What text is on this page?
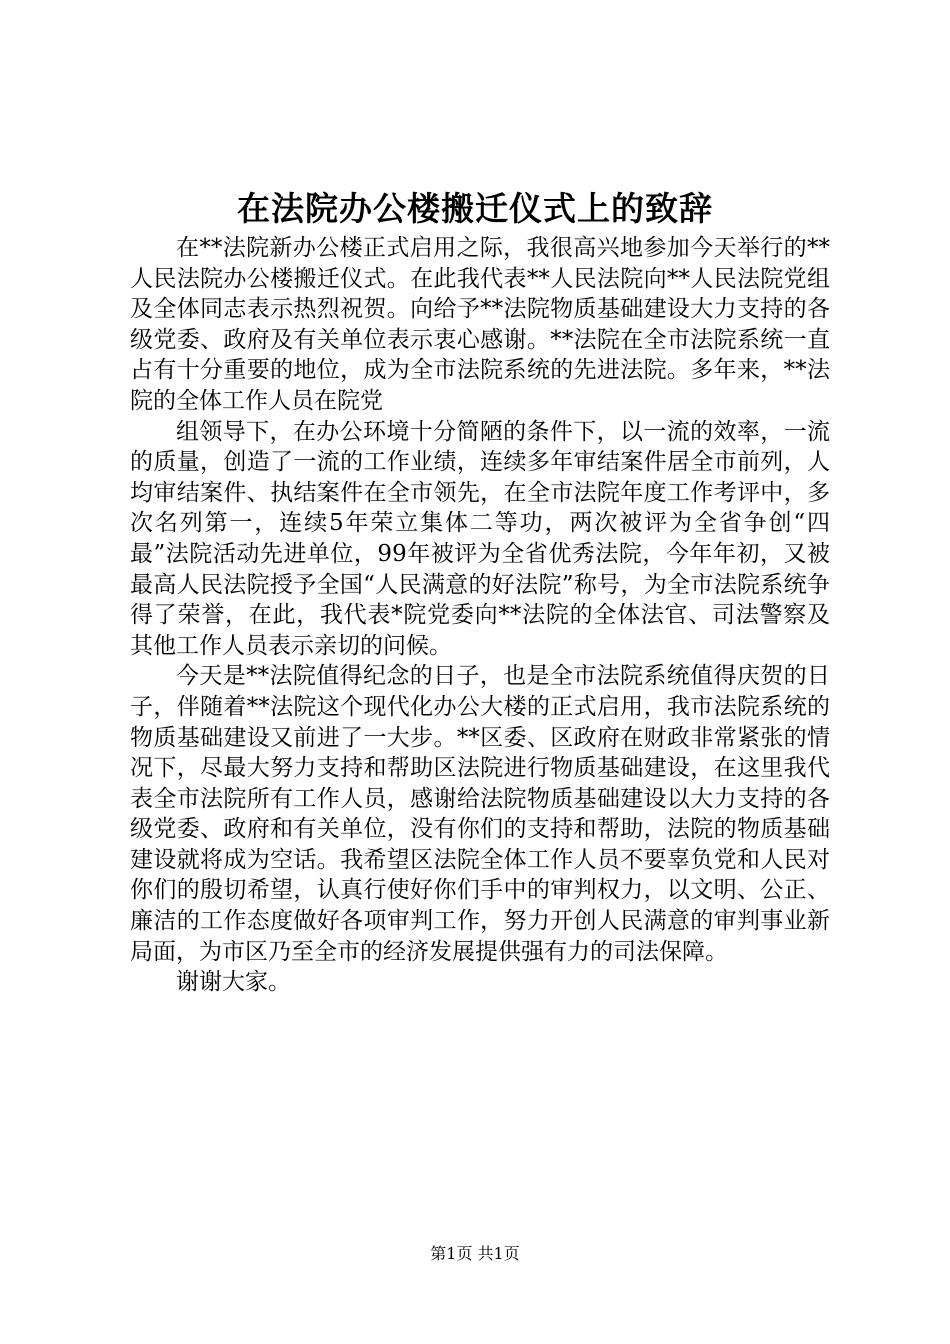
在法院办公楼搬迁仪式上的致辞

在**法院新办公楼正式启用之际，我很高兴地参加今天举行的**人民法院办公楼搬迁仪式。在此我代表**人民法院向**人民法院党组及全体同志表示热烈祝贺。向给予**法院物质基础建设大力支持的各级党委、政府及有关单位表示衷心感谢。**法院在全市法院系统一直占有十分重要的地位，成为全市法院系统的先进法院。多年来，**法院的全体工作人员在院党

组领导下，在办公环境十分简陋的条件下，以一流的效率，一流的质量，创造了一流的工作业绩，连续多年审结案件居全市前列，人均审结案件、执结案件在全市领先，在全市法院年度工作考评中，多次名列第一，连续5年荣立集体二等功，两次被评为全省争创“四最”法院活动先进单位，99年被评为全省优秀法院，今年年初，又被最高人民法院授予全国“人民满意的好法院”称号，为全市法院系统争得了荣誉，在此，我代表*院党委向**法院的全体法官、司法警察及其他工作人员表示亲切的问候。

今天是**法院值得纪念的日子，也是全市法院系统值得庆贺的日子，伴随着**法院这个现代化办公大楼的正式启用，我市法院系统的物质基础建设又前进了一大步。**区委、区政府在财政非常紧张的情况下，尽最大努力支持和帮助区法院进行物质基础建设，在这里我代表全市法院所有工作人员，感谢给法院物质基础建设以大力支持的各级党委、政府和有关单位，没有你们的支持和帮助，法院的物质基础建设就将成为空话。我希望区法院全体工作人员不要辜负党和人民对你们的殷切希望，认真行使好你们手中的审判权力，以文明、公正、廉洁的工作态度做好各项审判工作，努力开创人民满意的审判事业新局面，为市区乃至全市的经济发展提供强有力的司法保障。

谢谢大家。

第1页 共1页
